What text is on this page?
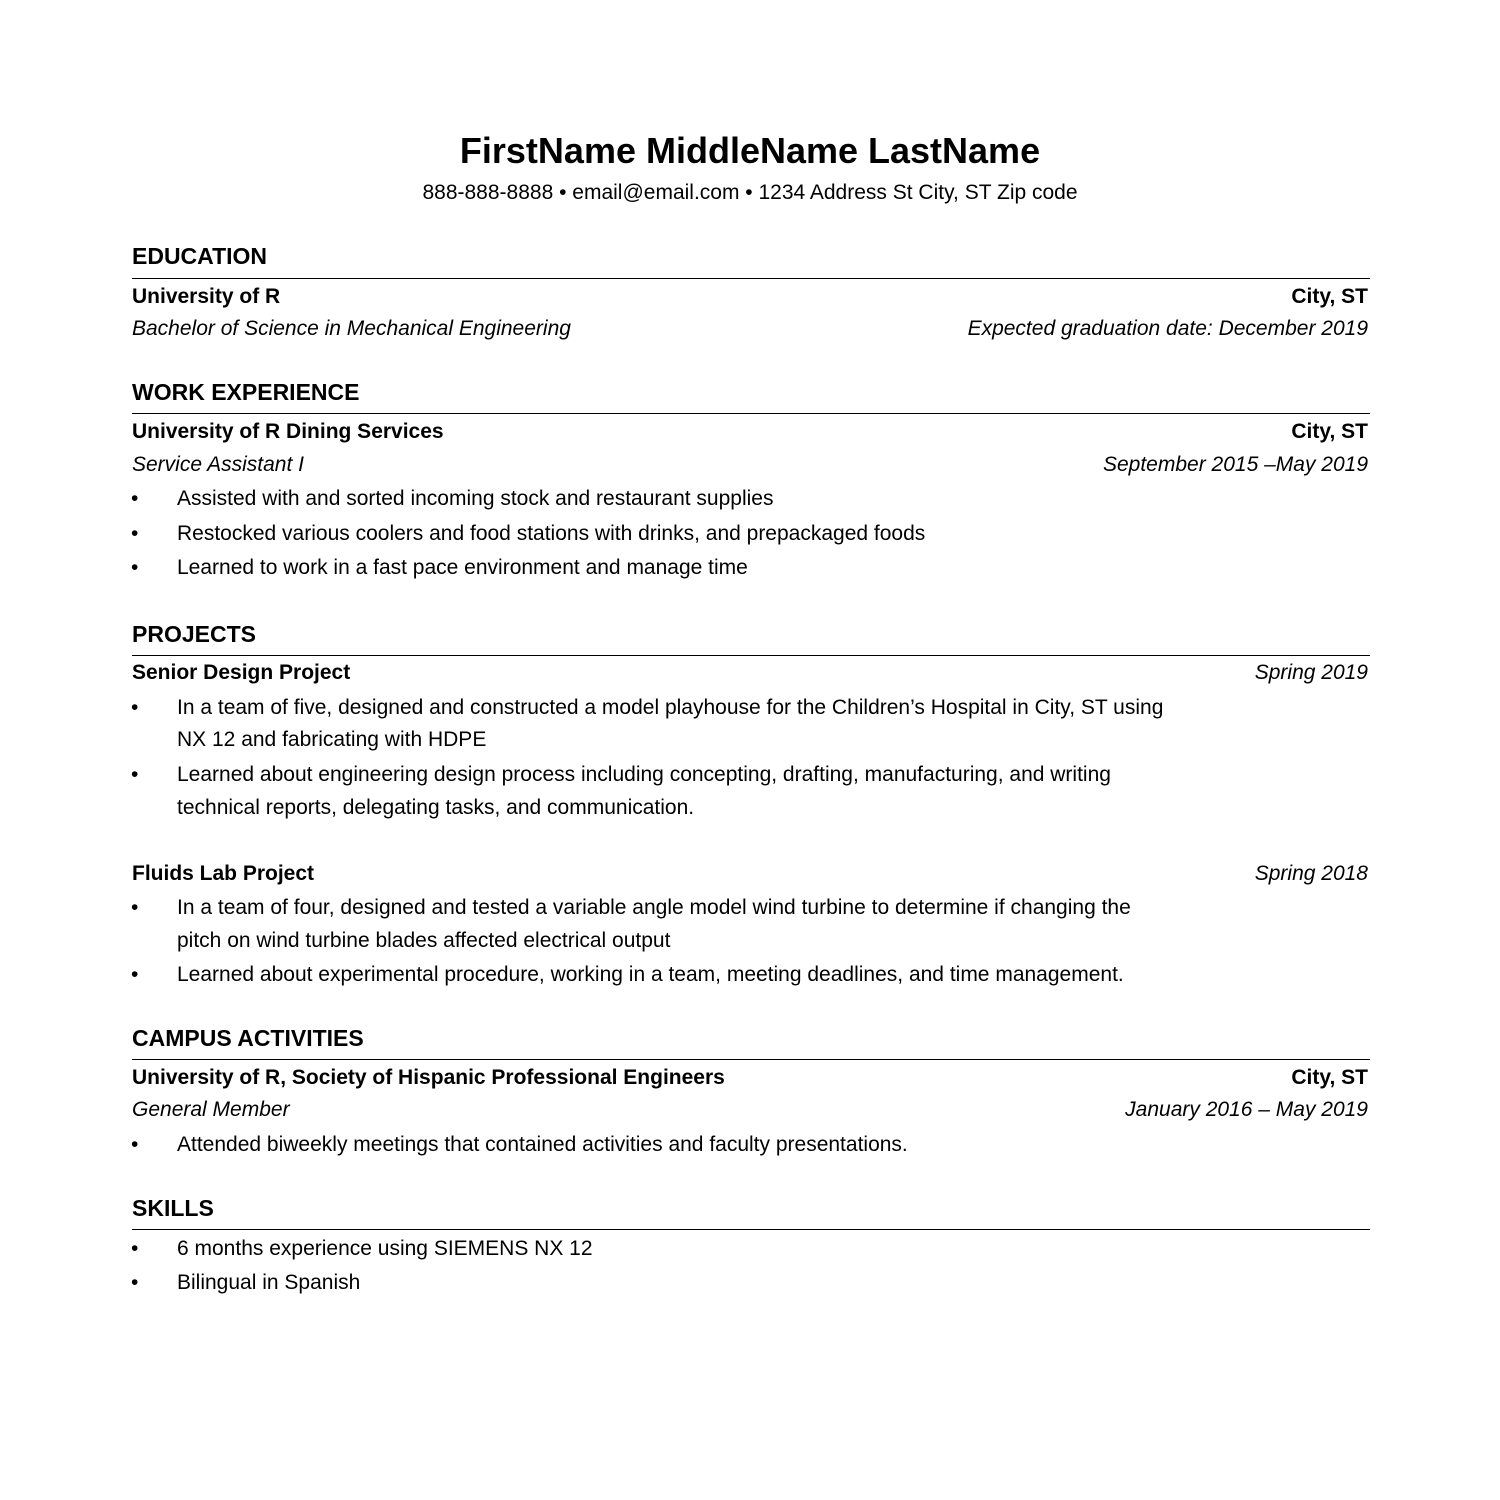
FirstName MiddleName LastName
888-888-8888 • email@email.com • 1234 Address St City, ST Zip code
EDUCATION
University of R	City, ST
Bachelor of Science in Mechanical Engineering	Expected graduation date: December 2019
WORK EXPERIENCE
University of R Dining Services	City, ST
Service Assistant I	September 2015 –May 2019
• Assisted with and sorted incoming stock and restaurant supplies
• Restocked various coolers and food stations with drinks, and prepackaged foods
• Learned to work in a fast pace environment and manage time
PROJECTS
Senior Design Project	Spring 2019
• In a team of five, designed and constructed a model playhouse for the Children’s Hospital in City, ST using
NX 12 and fabricating with HDPE
• Learned about engineering design process including concepting, drafting, manufacturing, and writing
technical reports, delegating tasks, and communication.
Fluids Lab Project	Spring 2018
• In a team of four, designed and tested a variable angle model wind turbine to determine if changing the
pitch on wind turbine blades affected electrical output
• Learned about experimental procedure, working in a team, meeting deadlines, and time management.
CAMPUS ACTIVITIES
University of R, Society of Hispanic Professional Engineers	City, ST
General Member	January 2016 – May 2019
• Attended biweekly meetings that contained activities and faculty presentations.
SKILLS
• 6 months experience using SIEMENS NX 12
• Bilingual in Spanish
